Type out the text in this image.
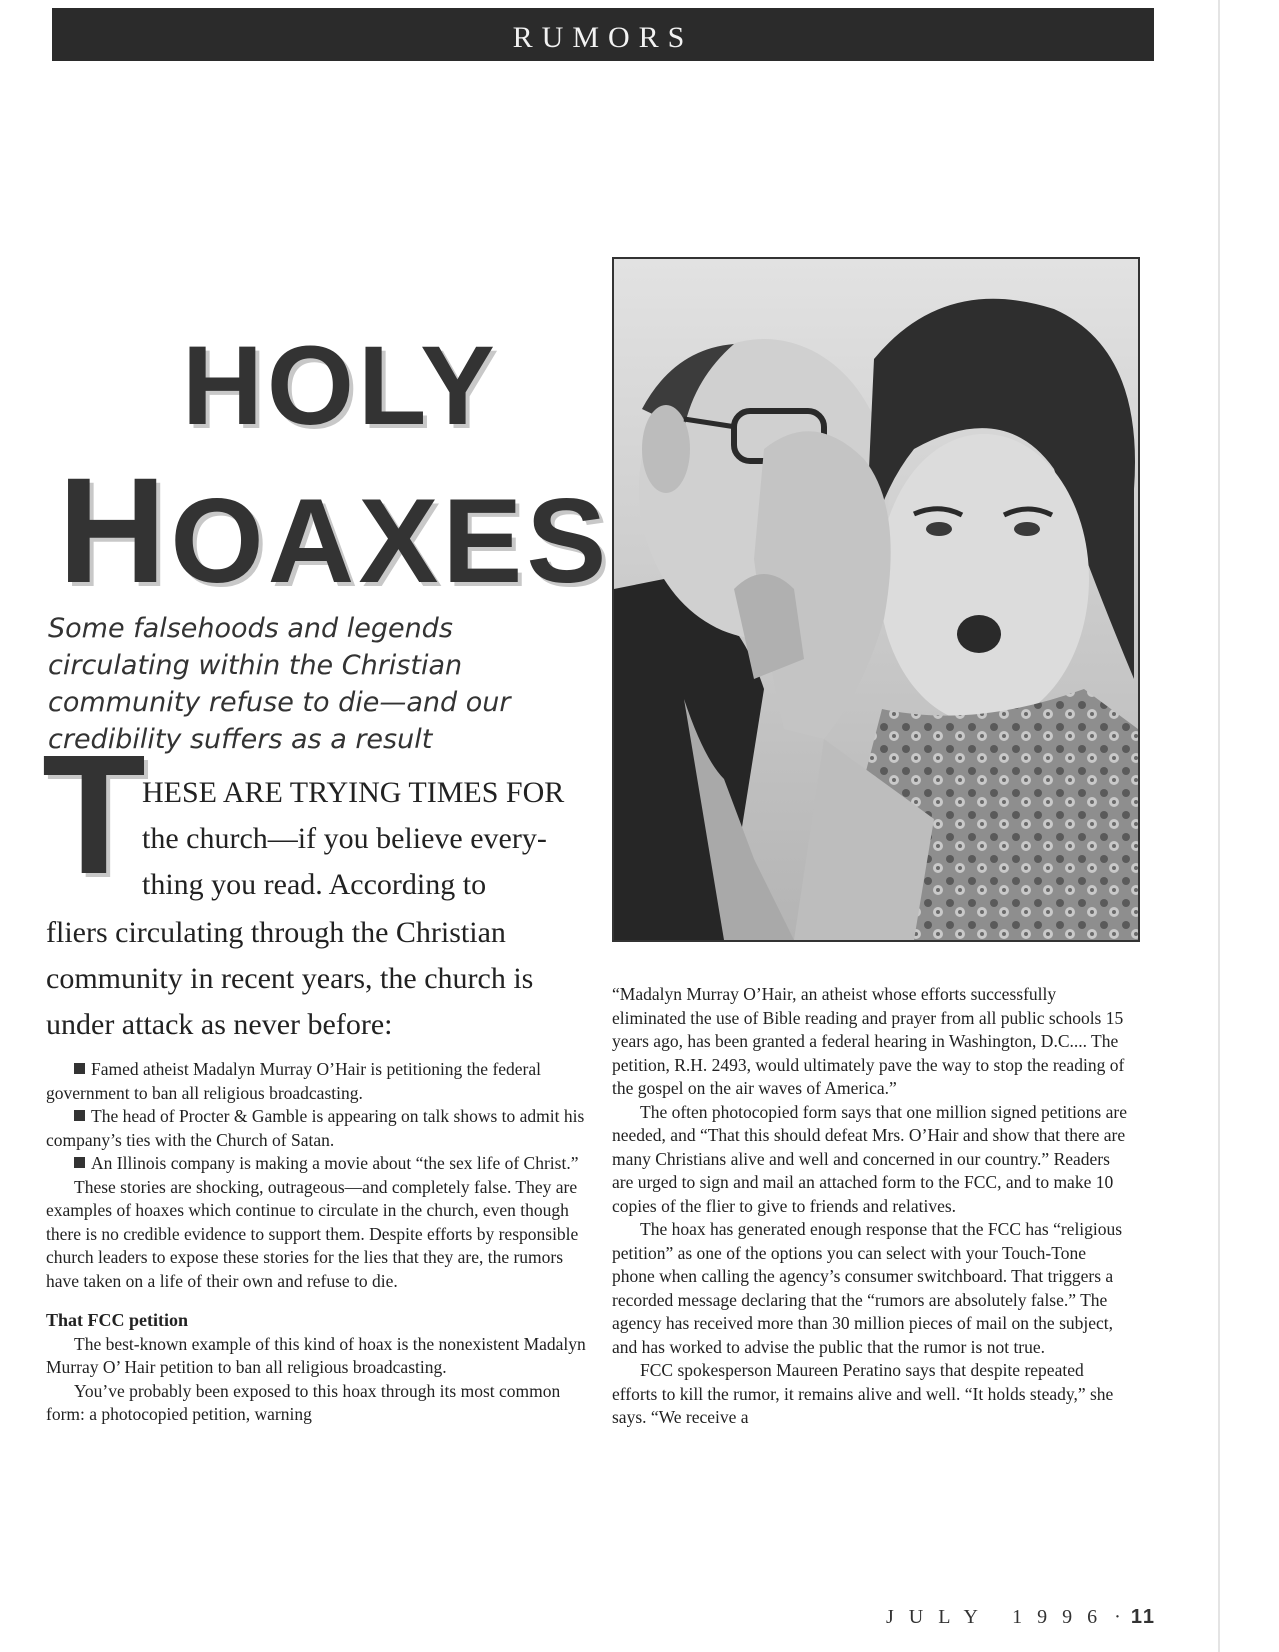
RUMORS
HOLY
HOAXES

Some falsehoods and legends circulating within the Christian community refuse to die—and our credibility suffers as a result

T

HESE ARE TRYING TIMES FOR the church—if you believe everything you read. According to

fliers circulating through the Christian community in recent years, the church is under attack as never before:

Famed atheist Madalyn Murray O’Hair is petitioning the federal government to ban all religious broadcasting.

The head of Procter & Gamble is appearing on talk shows to admit his company’s ties with the Church of Satan.

An Illinois company is making a movie about “the sex life of Christ.”

These stories are shocking, outrageous—and completely false. They are examples of hoaxes which continue to circulate in the church, even though there is no credible evidence to support them. Despite efforts by responsible church leaders to expose these stories for the lies that they are, the rumors have taken on a life of their own and refuse to die.

That FCC petition

The best-known example of this kind of hoax is the nonexistent Madalyn Murray O’ Hair petition to ban all religious broadcasting.

You’ve probably been exposed to this hoax through its most common form: a photocopied petition, warning

“Madalyn Murray O’Hair, an atheist whose efforts successfully eliminated the use of Bible reading and prayer from all public schools 15 years ago, has been granted a federal hearing in Washington, D.C.... The petition, R.H. 2493, would ultimately pave the way to stop the reading of the gospel on the air waves of America.”

The often photocopied form says that one million signed petitions are needed, and “That this should defeat Mrs. O’Hair and show that there are many Christians alive and well and concerned in our country.” Readers are urged to sign and mail an attached form to the FCC, and to make 10 copies of the flier to give to friends and relatives.

The hoax has generated enough response that the FCC has “religious petition” as one of the options you can select with your Touch-Tone phone when calling the agency’s consumer switchboard. That triggers a recorded message declaring that the “rumors are absolutely false.” The agency has received more than 30 million pieces of mail on the subject, and has worked to advise the public that the rumor is not true.

FCC spokesperson Maureen Peratino says that despite repeated efforts to kill the rumor, it remains alive and well. “It holds steady,” she says. “We receive a

JULY 1996 · 11
